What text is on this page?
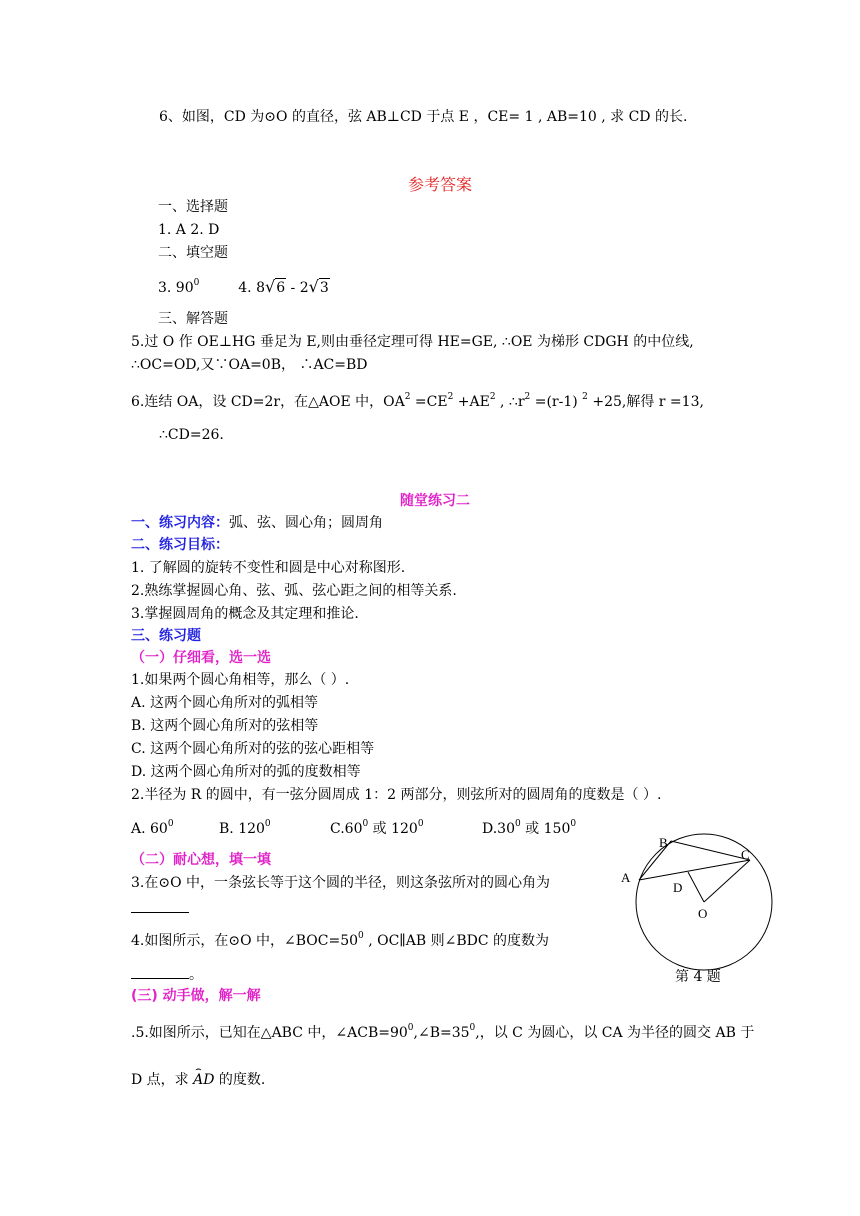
6、如图，CD 为⊙O 的直径，弦 AB⊥CD 于点 E ，CE= 1 , AB=10 , 求 CD 的长.
参考答案
一、选择题
1. A 2. D
二、填空题
3. $90^0$	4. 8√6 - 2√3
三、解答题
5.过 O 作 OE⊥HG 垂足为 E,则由垂径定理可得 HE=GE, ∴OE 为梯形 CDGH 的中位线,
∴OC=OD,又∵OA=0B， ∴AC=BD
6.连结 OA，设 CD=2r，在△AOE 中，$OA^2 =CE^2 +AE^2$ , $\therefore r^2 =(r-1)$ $^2$ +25,解得 r =13,
∴CD=26.
随堂练习二
一、练习内容：弧、弦、圆心角；圆周角
二、练习目标：
1. 了解圆的旋转不变性和圆是中心对称图形.
2.熟练掌握圆心角、弦、弧、弦心距之间的相等关系.
3.掌握圆周角的概念及其定理和推论.
三、练习题
（一）仔细看，选一选
1.如果两个圆心角相等，那么（ ）.
A. 这两个圆心角所对的弧相等
B. 这两个圆心角所对的弦相等
C. 这两个圆心角所对的弦的弦心距相等
D. 这两个圆心角所对的弧的度数相等
2.半径为 R 的圆中，有一弦分圆周成 1：2 两部分，则弦所对的圆周角的度数是（ ）.
A. $60^0$	B. $120^0$	$C.60^0$ 或 $120^0$	$D.30^0$ 或 $150^0$
（二）耐心想，填一填
3.在⊙O 中，一条弦长等于这个圆的半径，则这条弦所对的圆心角为
4.如图所示，在⊙O 中，$\angle BOC=50^0$ , OC∥AB 则∠BDC 的度数为
。
(三) 动手做，解一解
.5.如图所示，已知在△ABC 中，$\angle ACB=90^0,\angle B=35^0$,，以 C 为圆心，以 CA 为半径的圆交 AB 于
D 点，求
⌢
AD 的度数.
A
B
C
D
O
第 4 题
